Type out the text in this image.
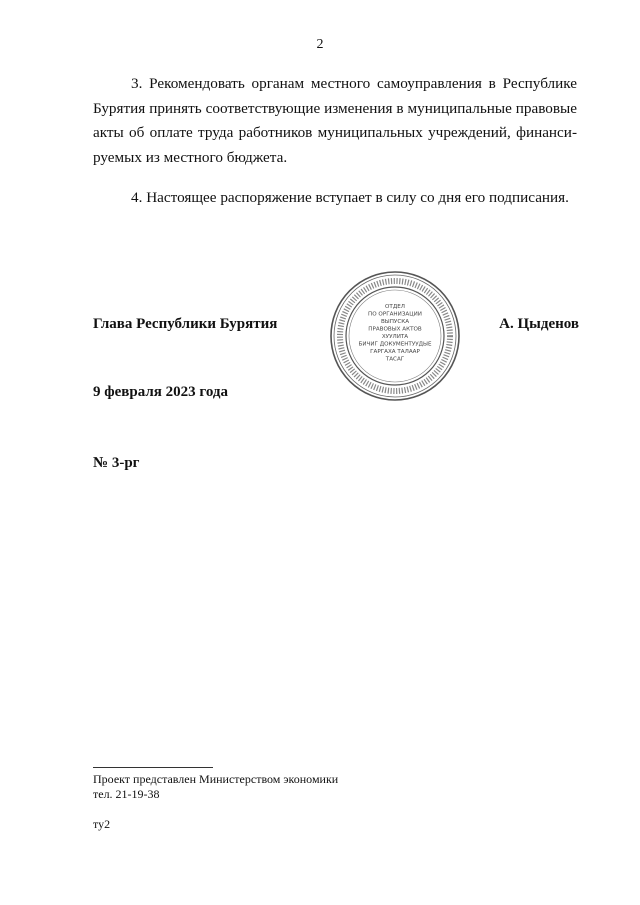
2

3. Рекомендовать органам местного самоуправления в Республике Бурятия принять соответствующие изменения в муниципальные правовые акты об оплате труда работников муниципальных учреждений, финансируемых из местного бюджета.

4. Настоящее распоряжение вступает в силу со дня его подписания.

Глава Республики Бурятия
ОТДЕЛ
ПО ОРГАНИЗАЦИИ
ВЫПУСКА
ПРАВОВЫХ АКТОВ
ХУУЛИТА
БИЧИГ ДОКУМЕНТУУДЫЕ
ГАРГАХА ТАЛААР
ТАСАГ
А. Цыденов
9 февраля 2023 года
№ 3-рг
Проект представлен Министерством экономики
тел. 21-19-38
ту2
